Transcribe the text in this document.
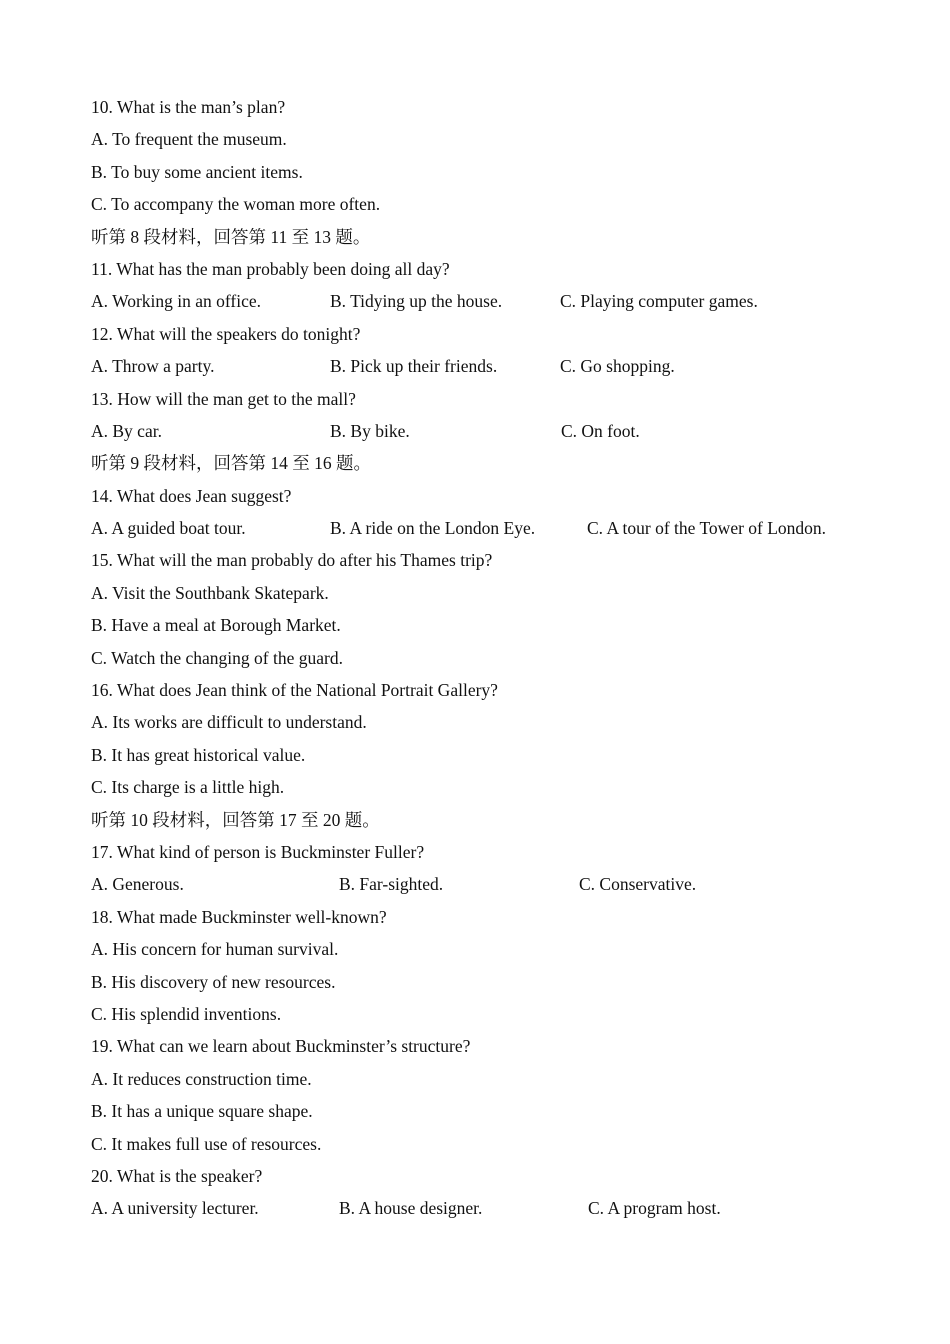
10. What is the man’s plan?
A. To frequent the museum.
B. To buy some ancient items.
C. To accompany the woman more often.
听第 8 段材料，回答第 11 至 13 题。
11. What has the man probably been doing all day?
A. Working in an office.	B. Tidying up the house.	C. Playing computer games.
12. What will the speakers do tonight?
A. Throw a party.	B. Pick up their friends.	C. Go shopping.
13. How will the man get to the mall?
A. By car.	B. By bike.	C. On foot.
听第 9 段材料，回答第 14 至 16 题。
14. What does Jean suggest?
A. A guided boat tour.	B. A ride on the London Eye.	C. A tour of the Tower of London.
15. What will the man probably do after his Thames trip?
A. Visit the Southbank Skatepark.
B. Have a meal at Borough Market.
C. Watch the changing of the guard.
16. What does Jean think of the National Portrait Gallery?
A. Its works are difficult to understand.
B. It has great historical value.
C. Its charge is a little high.
听第 10 段材料，回答第 17 至 20 题。
17. What kind of person is Buckminster Fuller?
A. Generous.	B. Far-sighted.	C. Conservative.
18. What made Buckminster well-known?
A. His concern for human survival.
B. His discovery of new resources.
C. His splendid inventions.
19. What can we learn about Buckminster’s structure?
A. It reduces construction time.
B. It has a unique square shape.
C. It makes full use of resources.
20. What is the speaker?
A. A university lecturer.	B. A house designer.	C. A program host.
